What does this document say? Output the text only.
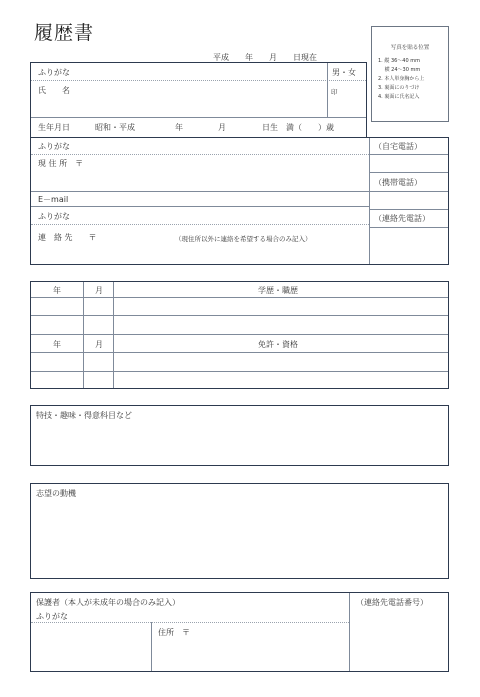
履歴書
平成　　年　　月　　日現在
写真を貼る位置
1. 縦 36～40 mm
　 横 24～30 mm
2. 本人単身胸から上
3. 裏面にのりづけ
4. 裏面に氏名記入
ふりがな	男・女
氏　　名	印
生年月日	昭和・平成	年	月	日生　満（　　）歳
ふりがな	（自宅電話）
現 住 所　〒
（携帯電話）
E－mail
ふりがな	（連絡先電話）
連　絡 先　　〒	（現住所以外に連絡を希望する場合のみ記入）
年	月	学歴・職歴
年	月	免許・資格
特技・趣味・得意科目など
志望の動機
保護者（本人が未成年の場合のみ記入）	（連絡先電話番号）
ふりがな
住所　〒
